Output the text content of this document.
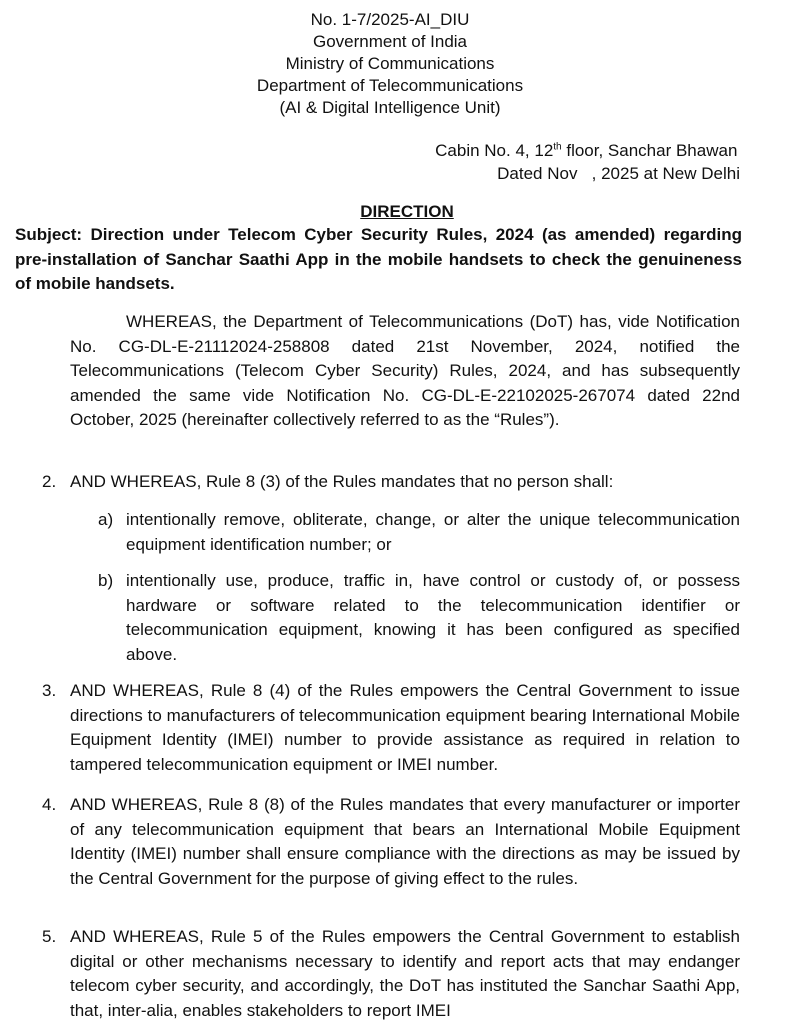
No. 1-7/2025-AI_DIU
Government of India
Ministry of Communications
Department of Telecommunications
(AI & Digital Intelligence Unit)
Cabin No. 4, 12th floor, Sanchar Bhawan
Dated Nov   , 2025 at New Delhi
DIRECTION
Subject: Direction under Telecom Cyber Security Rules, 2024 (as amended) regarding pre-installation of Sanchar Saathi App in the mobile handsets to check the genuineness of mobile handsets.
WHEREAS, the Department of Telecommunications (DoT) has, vide Notification No. CG-DL-E-21112024-258808 dated 21st November, 2024, notified the Telecommunications (Telecom Cyber Security) Rules, 2024, and has subsequently amended the same vide Notification No. CG-DL-E-22102025-267074 dated 22nd October, 2025 (hereinafter collectively referred to as the “Rules”).
2. AND WHEREAS, Rule 8 (3) of the Rules mandates that no person shall:
a) intentionally remove, obliterate, change, or alter the unique telecommunication equipment identification number; or
b) intentionally use, produce, traffic in, have control or custody of, or possess hardware or software related to the telecommunication identifier or telecommunication equipment, knowing it has been configured as specified above.
3. AND WHEREAS, Rule 8 (4) of the Rules empowers the Central Government to issue directions to manufacturers of telecommunication equipment bearing International Mobile Equipment Identity (IMEI) number to provide assistance as required in relation to tampered telecommunication equipment or IMEI number.
4. AND WHEREAS, Rule 8 (8) of the Rules mandates that every manufacturer or importer of any telecommunication equipment that bears an International Mobile Equipment Identity (IMEI) number shall ensure compliance with the directions as may be issued by the Central Government for the purpose of giving effect to the rules.
5. AND WHEREAS, Rule 5 of the Rules empowers the Central Government to establish digital or other mechanisms necessary to identify and report acts that may endanger telecom cyber security, and accordingly, the DoT has instituted the Sanchar Saathi App, that, inter-alia, enables stakeholders to report IMEI
